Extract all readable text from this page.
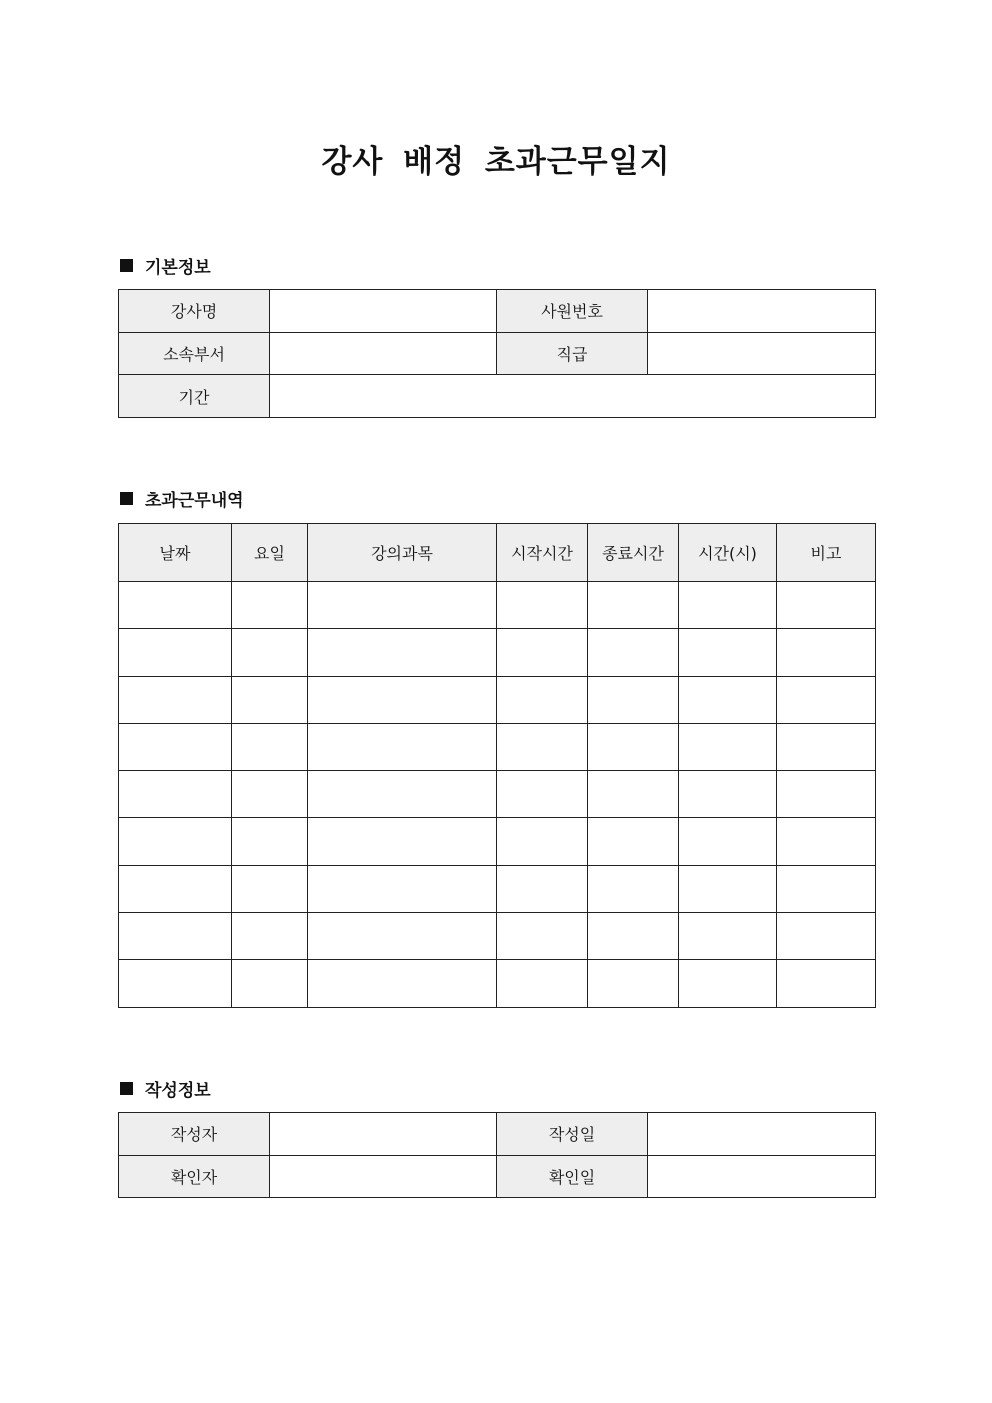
강사 배정 초과근무일지
기본정보
강사명		사원번호	
소속부서		직급	
기간			
초과근무내역
날짜	요일	강의과목	시작시간	종료시간	시간(시)	비고

작성정보
작성자		작성일	
확인자		확인일	
